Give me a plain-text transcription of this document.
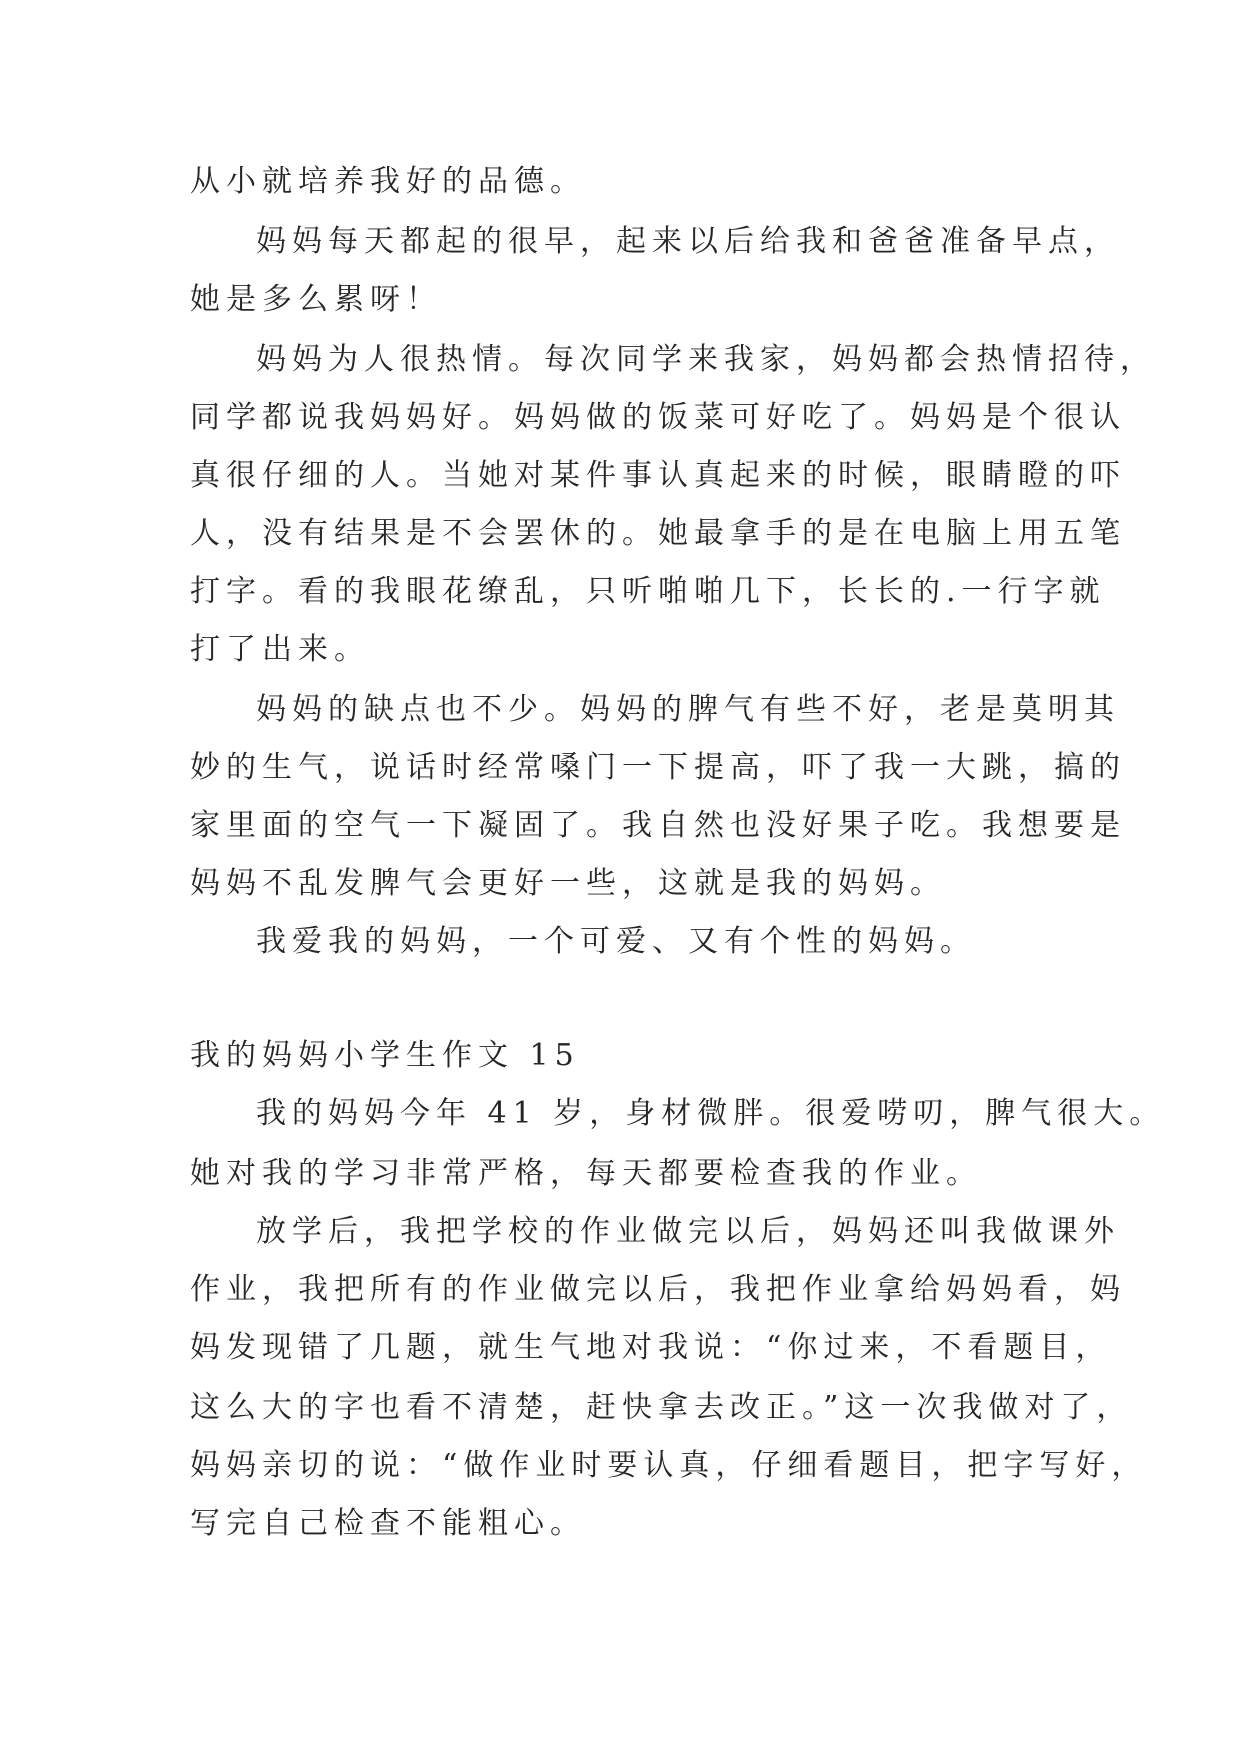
从小就培养我好的品德。

妈妈每天都起的很早，起来以后给我和爸爸准备早点，

她是多么累呀！

妈妈为人很热情。每次同学来我家，妈妈都会热情招待，

同学都说我妈妈好。妈妈做的饭菜可好吃了。妈妈是个很认

真很仔细的人。当她对某件事认真起来的时候，眼睛瞪的吓

人，没有结果是不会罢休的。她最拿手的是在电脑上用五笔

打字。看的我眼花缭乱，只听啪啪几下，长长的.一行字就

打了出来。

妈妈的缺点也不少。妈妈的脾气有些不好，老是莫明其

妙的生气，说话时经常嗓门一下提高，吓了我一大跳，搞的

家里面的空气一下凝固了。我自然也没好果子吃。我想要是

妈妈不乱发脾气会更好一些，这就是我的妈妈。

我爱我的妈妈，一个可爱、又有个性的妈妈。

我的妈妈小学生作文 15

我的妈妈今年 41 岁，身材微胖。很爱唠叨，脾气很大。

她对我的学习非常严格，每天都要检查我的作业。

放学后，我把学校的作业做完以后，妈妈还叫我做课外

作业，我把所有的作业做完以后，我把作业拿给妈妈看，妈

妈发现错了几题，就生气地对我说：“你过来，不看题目，

这么大的字也看不清楚，赶快拿去改正。”这一次我做对了，

妈妈亲切的说：“做作业时要认真，仔细看题目，把字写好，

写完自己检查不能粗心。
